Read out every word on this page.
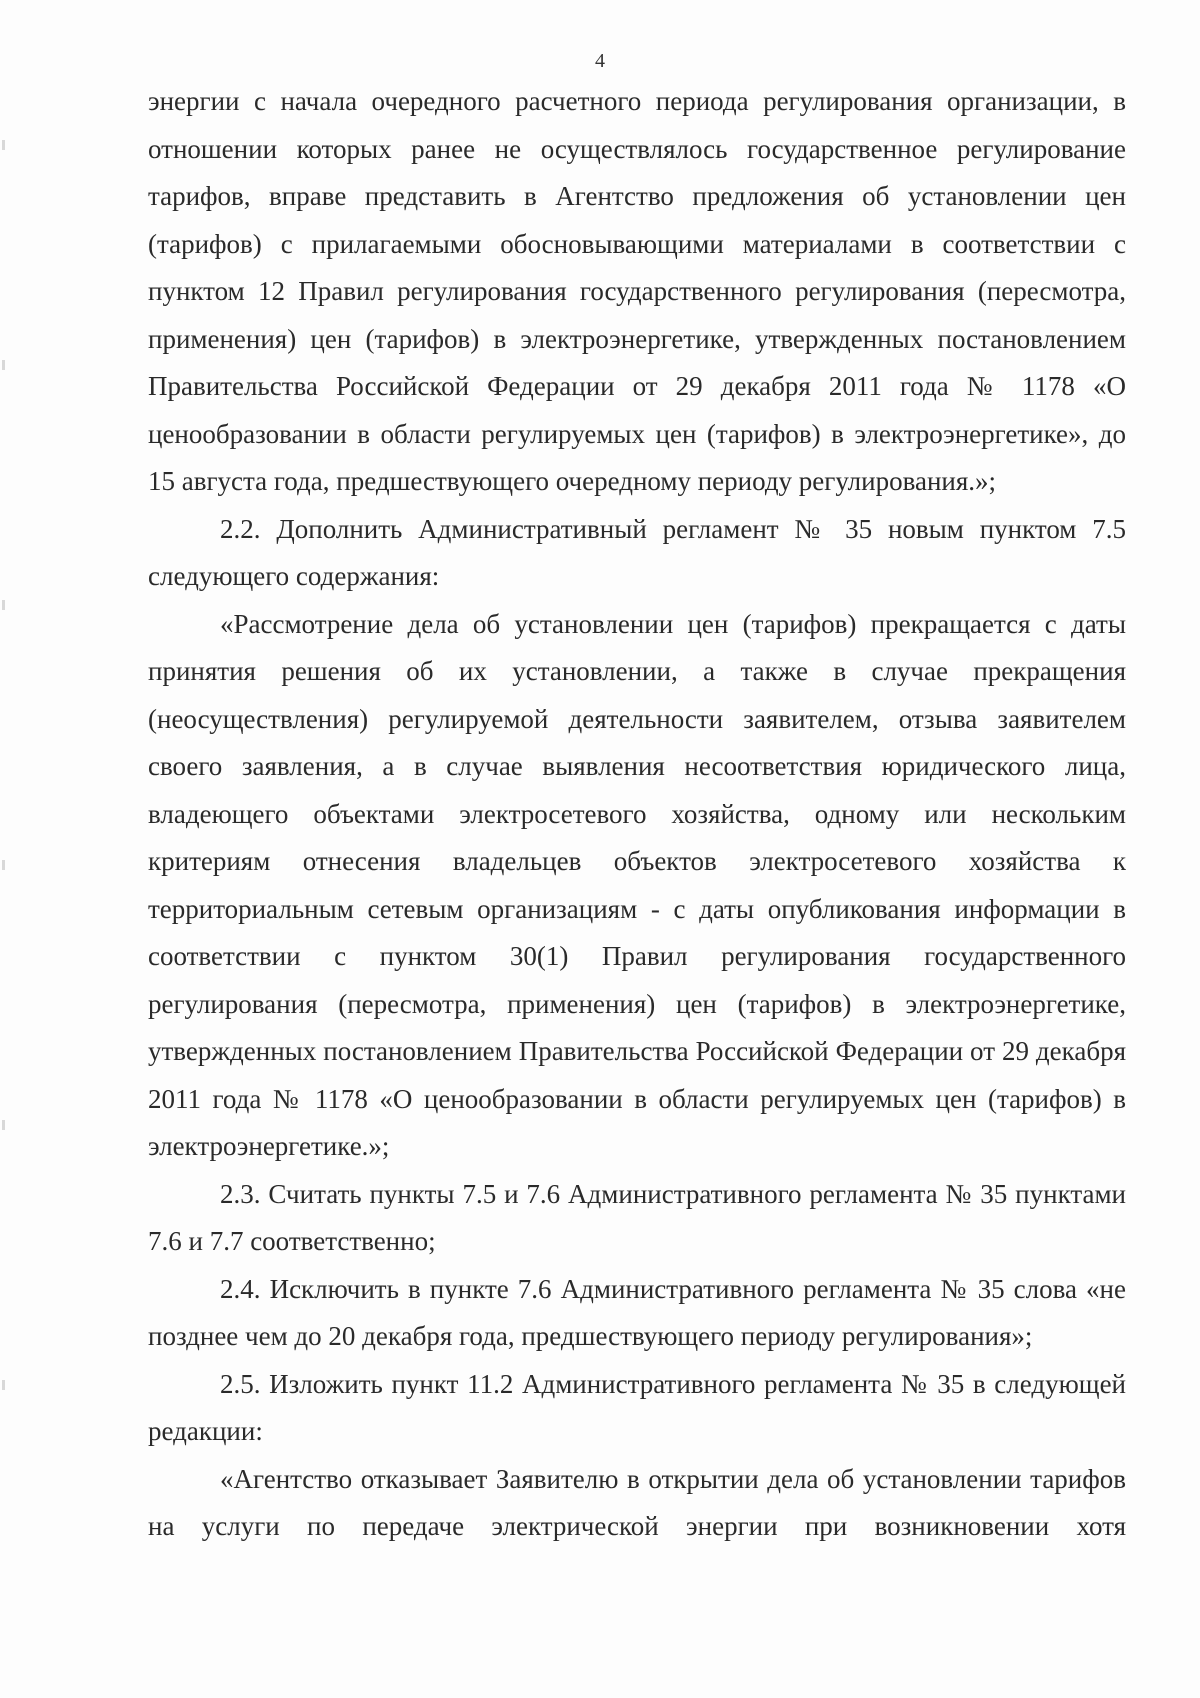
4

энергии с начала очередного расчетного периода регулирования организации, в отношении которых ранее не осуществлялось государственное регулирование тарифов, вправе представить в Агентство предложения об установлении цен (тарифов) с прилагаемыми обосновывающими материалами в соответствии с пунктом 12 Правил регулирования государственного регулирования (пересмотра, применения) цен (тарифов) в электроэнергетике, утвержденных постановлением Правительства Российской Федерации от 29 декабря 2011 года № 1178 «О ценообразовании в области регулируемых цен (тарифов) в электроэнергетике», до 15 августа года, предшествующего очередному периоду регулирования.»;

2.2. Дополнить Административный регламент № 35 новым пунктом 7.5 следующего содержания:

«Рассмотрение дела об установлении цен (тарифов) прекращается с даты принятия решения об их установлении, а также в случае прекращения (неосуществления) регулируемой деятельности заявителем, отзыва заявителем своего заявления, а в случае выявления несоответствия юридического лица, владеющего объектами электросетевого хозяйства, одному или нескольким критериям отнесения владельцев объектов электросетевого хозяйства к территориальным сетевым организациям - с даты опубликования информации в соответствии с пунктом 30(1) Правил регулирования государственного регулирования (пересмотра, применения) цен (тарифов) в электроэнергетике, утвержденных постановлением Правительства Российской Федерации от 29 декабря 2011 года № 1178 «О ценообразовании в области регулируемых цен (тарифов) в электроэнергетике.»;

2.3. Считать пункты 7.5 и 7.6 Административного регламента № 35 пунктами 7.6 и 7.7 соответственно;

2.4. Исключить в пункте 7.6 Административного регламента № 35 слова «не позднее чем до 20 декабря года, предшествующего периоду регулирования»;

2.5. Изложить пункт 11.2 Административного регламента № 35 в следующей редакции:

«Агентство отказывает Заявителю в открытии дела об установлении тарифов на услуги по передаче электрической энергии при возникновении хотя
